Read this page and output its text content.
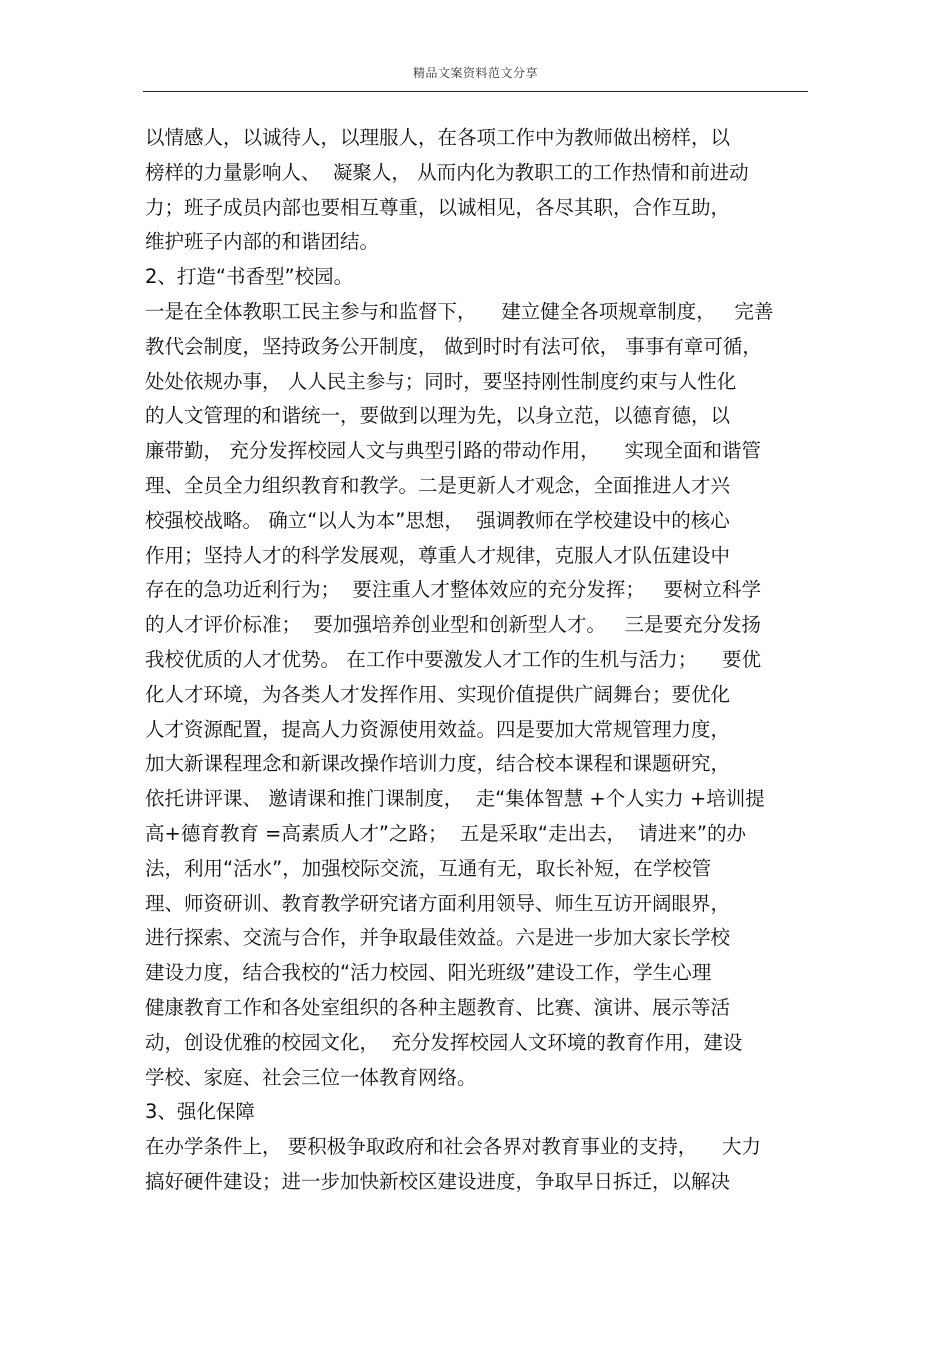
精品文案资料范文分享
以情感人，以诚待人，以理服人，在各项工作中为教师做出榜样，以
榜样的力量影响人、  凝聚人， 从而内化为教职工的工作热情和前进动
力；班子成员内部也要相互尊重，以诚相见，各尽其职，合作互助，
维护班子内部的和谐团结。
2、打造“书香型”校园。
一是在全体教职工民主参与和监督下，    建立健全各项规章制度，   完善
教代会制度，坚持政务公开制度， 做到时时有法可依， 事事有章可循，
处处依规办事， 人人民主参与；同时，要坚持刚性制度约束与人性化
的人文管理的和谐统一，要做到以理为先，以身立范，以德育德，以
廉带勤， 充分发挥校园人文与典型引路的带动作用，    实现全面和谐管
理、全员全力组织教育和教学。二是更新人才观念，全面推进人才兴
校强校战略。 确立“以人为本”思想，  强调教师在学校建设中的核心
作用；坚持人才的科学发展观，尊重人才规律，克服人才队伍建设中
存在的急功近利行为；  要注重人才整体效应的充分发挥；   要树立科学
的人才评价标准；  要加强培养创业型和创新型人才。   三是要充分发扬
我校优质的人才优势。 在工作中要激发人才工作的生机与活力；    要优
化人才环境，为各类人才发挥作用、实现价值提供广阔舞台；要优化
人才资源配置，提高人力资源使用效益。四是要加大常规管理力度，
加大新课程理念和新课改操作培训力度，结合校本课程和课题研究，
依托讲评课、 邀请课和推门课制度，  走“集体智慧 +个人实力 +培训提
高+德育教育 =高素质人才”之路；  五是采取“走出去，  请进来”的办
法，利用“活水”，加强校际交流，互通有无，取长补短，在学校管
理、师资研训、教育教学研究诸方面利用领导、师生互访开阔眼界，
进行探索、交流与合作，并争取最佳效益。六是进一步加大家长学校
建设力度，结合我校的“活力校园、阳光班级”建设工作，学生心理
健康教育工作和各处室组织的各种主题教育、比赛、演讲、展示等活
动，创设优雅的校园文化，  充分发挥校园人文环境的教育作用，建设
学校、家庭、社会三位一体教育网络。
3、强化保障
在办学条件上， 要积极争取政府和社会各界对教育事业的支持，    大力
搞好硬件建设；进一步加快新校区建设进度，争取早日拆迁，以解决
